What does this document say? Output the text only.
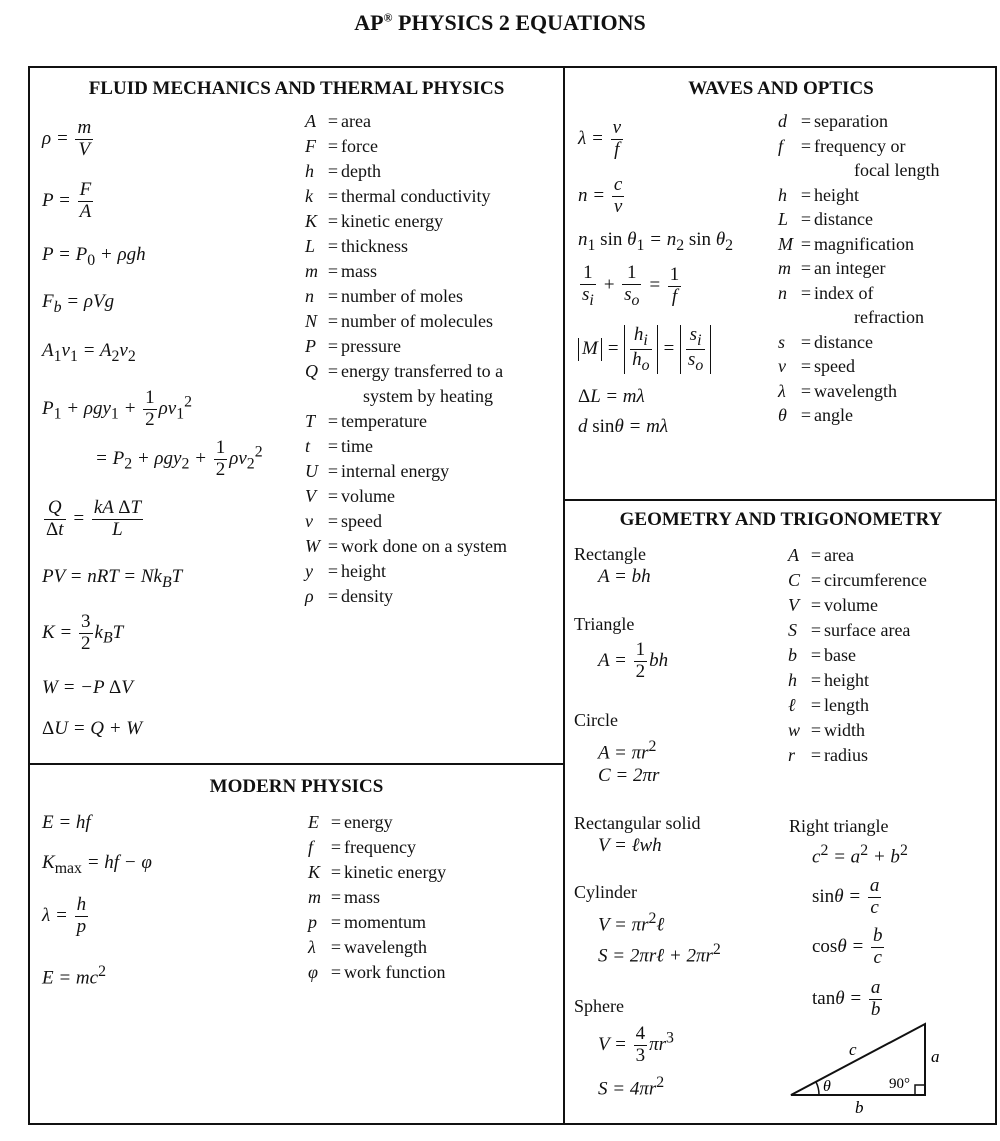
AP® PHYSICS 2 EQUATIONS
FLUID MECHANICS AND THERMAL PHYSICS
$\rho = \frac{m}{V}$
$P = \frac{F}{A}$
$P = P_0 + \rho gh$
$F_b = \rho Vg$
$A_1v_1 = A_2v_2$
$P_1 + \rho gy_1 + \frac{1}{2} \rho v_1^2$
= $P_2 + \rho gy_2 + \frac{1}{2} \rho v_2^2$
$\frac{Q}{\Delta t} = \frac{\text{kA ΔT}}{L}$
PV = nRT = $Nk_BT$
$K = \frac{3}{2} k_BT$
W = −P ΔV
ΔU = Q + W
A = area
F = force
h = depth
k = thermal conductivity
K = kinetic energy
L = thickness
m = mass
n = number of moles
N = number of molecules
P = pressure
Q = energy transferred to a
system by heating
T = temperature
t = time
U = internal energy
V = volume
v = speed
W = work done on a system
y = height
ρ = density
WAVES AND OPTICS
$\lambda = \frac{v}{f}$
$n = \frac{c}{v}$
$n_1$ $\sin \theta_1 = n_2$ $\sin \theta_2$
$\frac{1}{s_i} + \frac{1}{s_o} = \frac{1}{f}$
$M = \frac{h_i}{h_o} = \frac{s_i}{s_o}$
ΔL = mλ
d sinθ = mλ
d = separation
f = frequency or
focal length
h = height
L = distance
M = magnification
m = an integer
n = index of
refraction
s = distance
v = speed
λ = wavelength
θ = angle
MODERN PHYSICS
E = hf
$K_{max}$ = hf − φ
$\lambda = \frac{h}{p}$
$E = mc^2$
E = energy
f = frequency
K = kinetic energy
m = mass
p = momentum
λ = wavelength
φ = work function
GEOMETRY AND TRIGONOMETRY
Rectangle
A = bh
Triangle
$A = \frac{1}{2}$ bh
Circle
$A = \pi r^2$
C = 2πr
Rectangular solid
V = ℓwh
Cylinder
$V = \pi r^2\ell$
S = 2πrℓ + $2\pi r^2$
Sphere
$V = \frac{4}{3} \pi r^3$
$S = 4\pi r^2$
A = area
C = circumference
V = volume
S = surface area
b = base
h = height
ℓ = length
w = width
r = radius
Right triangle
$c^2 = a^2 + b^2$
$\sin\theta = \frac{a}{c}$
$\cos\theta = \frac{b}{c}$
$\tan\theta = \frac{a}{b}$
c	a
b
θ	90°
